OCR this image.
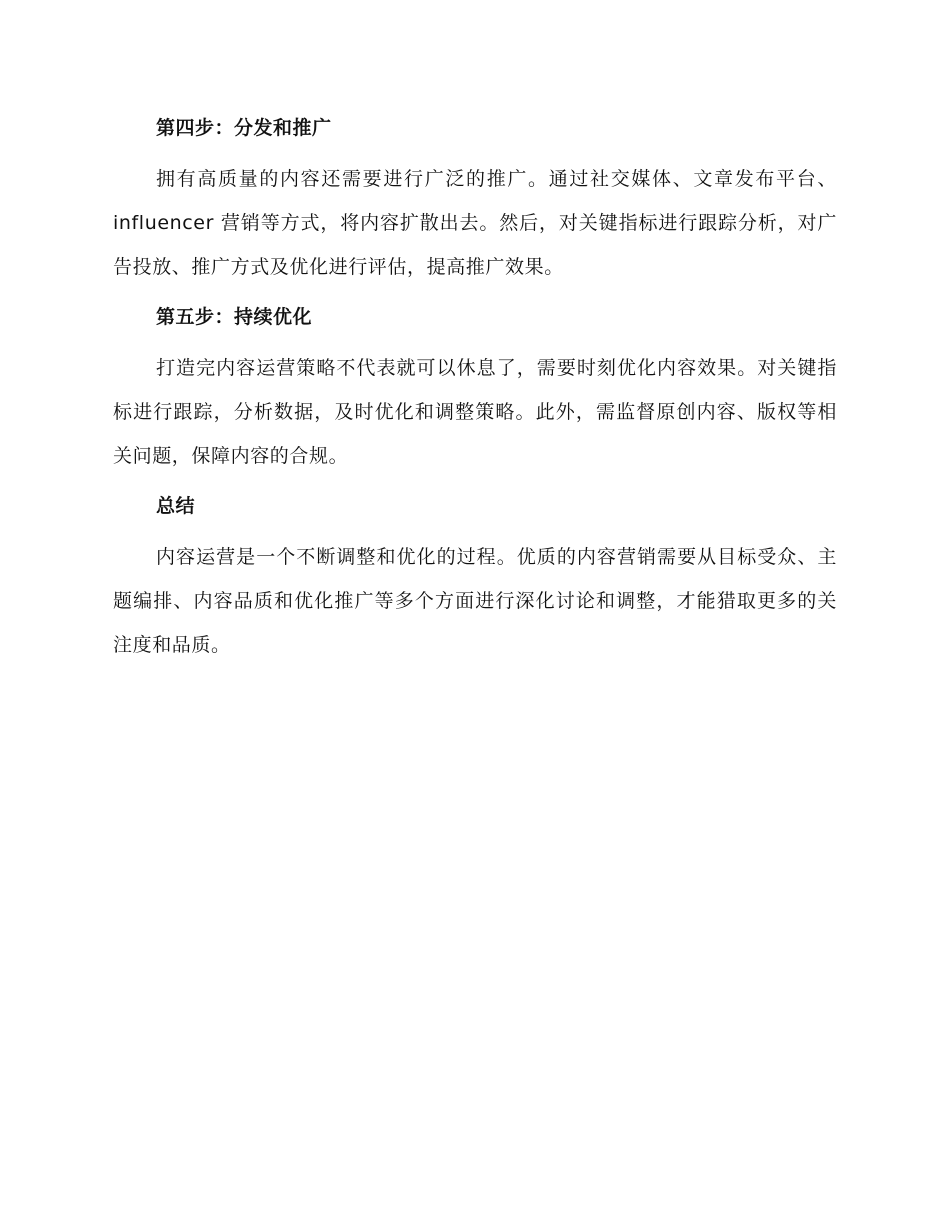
第四步：分发和推广

拥有高质量的内容还需要进行广泛的推广。通过社交媒体、文章发布平台、 influencer 营销等方式，将内容扩散出去。然后，对关键指标进行跟踪分析，对广告投放、推广方式及优化进行评估，提高推广效果。

第五步：持续优化

打造完内容运营策略不代表就可以休息了，需要时刻优化内容效果。对关键指标进行跟踪，分析数据，及时优化和调整策略。此外，需监督原创内容、版权等相关问题，保障内容的合规。

总结

内容运营是一个不断调整和优化的过程。优质的内容营销需要从目标受众、主题编排、内容品质和优化推广等多个方面进行深化讨论和调整，才能猎取更多的关注度和品质。
